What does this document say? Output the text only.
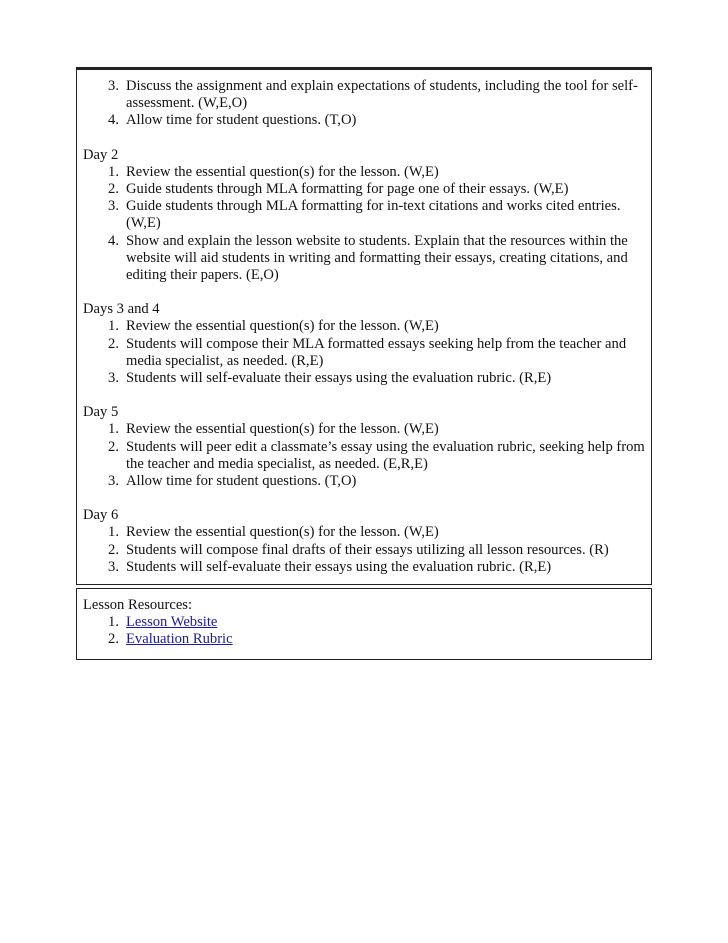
3. Discuss the assignment and explain expectations of students, including the tool for self-assessment. (W,E,O)
4. Allow time for student questions. (T,O)

Day 2

1. Review the essential question(s) for the lesson. (W,E)
2. Guide students through MLA formatting for page one of their essays. (W,E)
3. Guide students through MLA formatting for in-text citations and works cited entries. (W,E)
4. Show and explain the lesson website to students. Explain that the resources within the website will aid students in writing and formatting their essays, creating citations, and editing their papers. (E,O)

Days 3 and 4

1. Review the essential question(s) for the lesson. (W,E)
2. Students will compose their MLA formatted essays seeking help from the teacher and media specialist, as needed. (R,E)
3. Students will self-evaluate their essays using the evaluation rubric. (R,E)

Day 5

1. Review the essential question(s) for the lesson. (W,E)
2. Students will peer edit a classmate’s essay using the evaluation rubric, seeking help from the teacher and media specialist, as needed. (E,R,E)
3. Allow time for student questions. (T,O)

Day 6

1. Review the essential question(s) for the lesson. (W,E)
2. Students will compose final drafts of their essays utilizing all lesson resources. (R)
3. Students will self-evaluate their essays using the evaluation rubric. (R,E)

Lesson Resources:

1. Lesson Website
2. Evaluation Rubric
